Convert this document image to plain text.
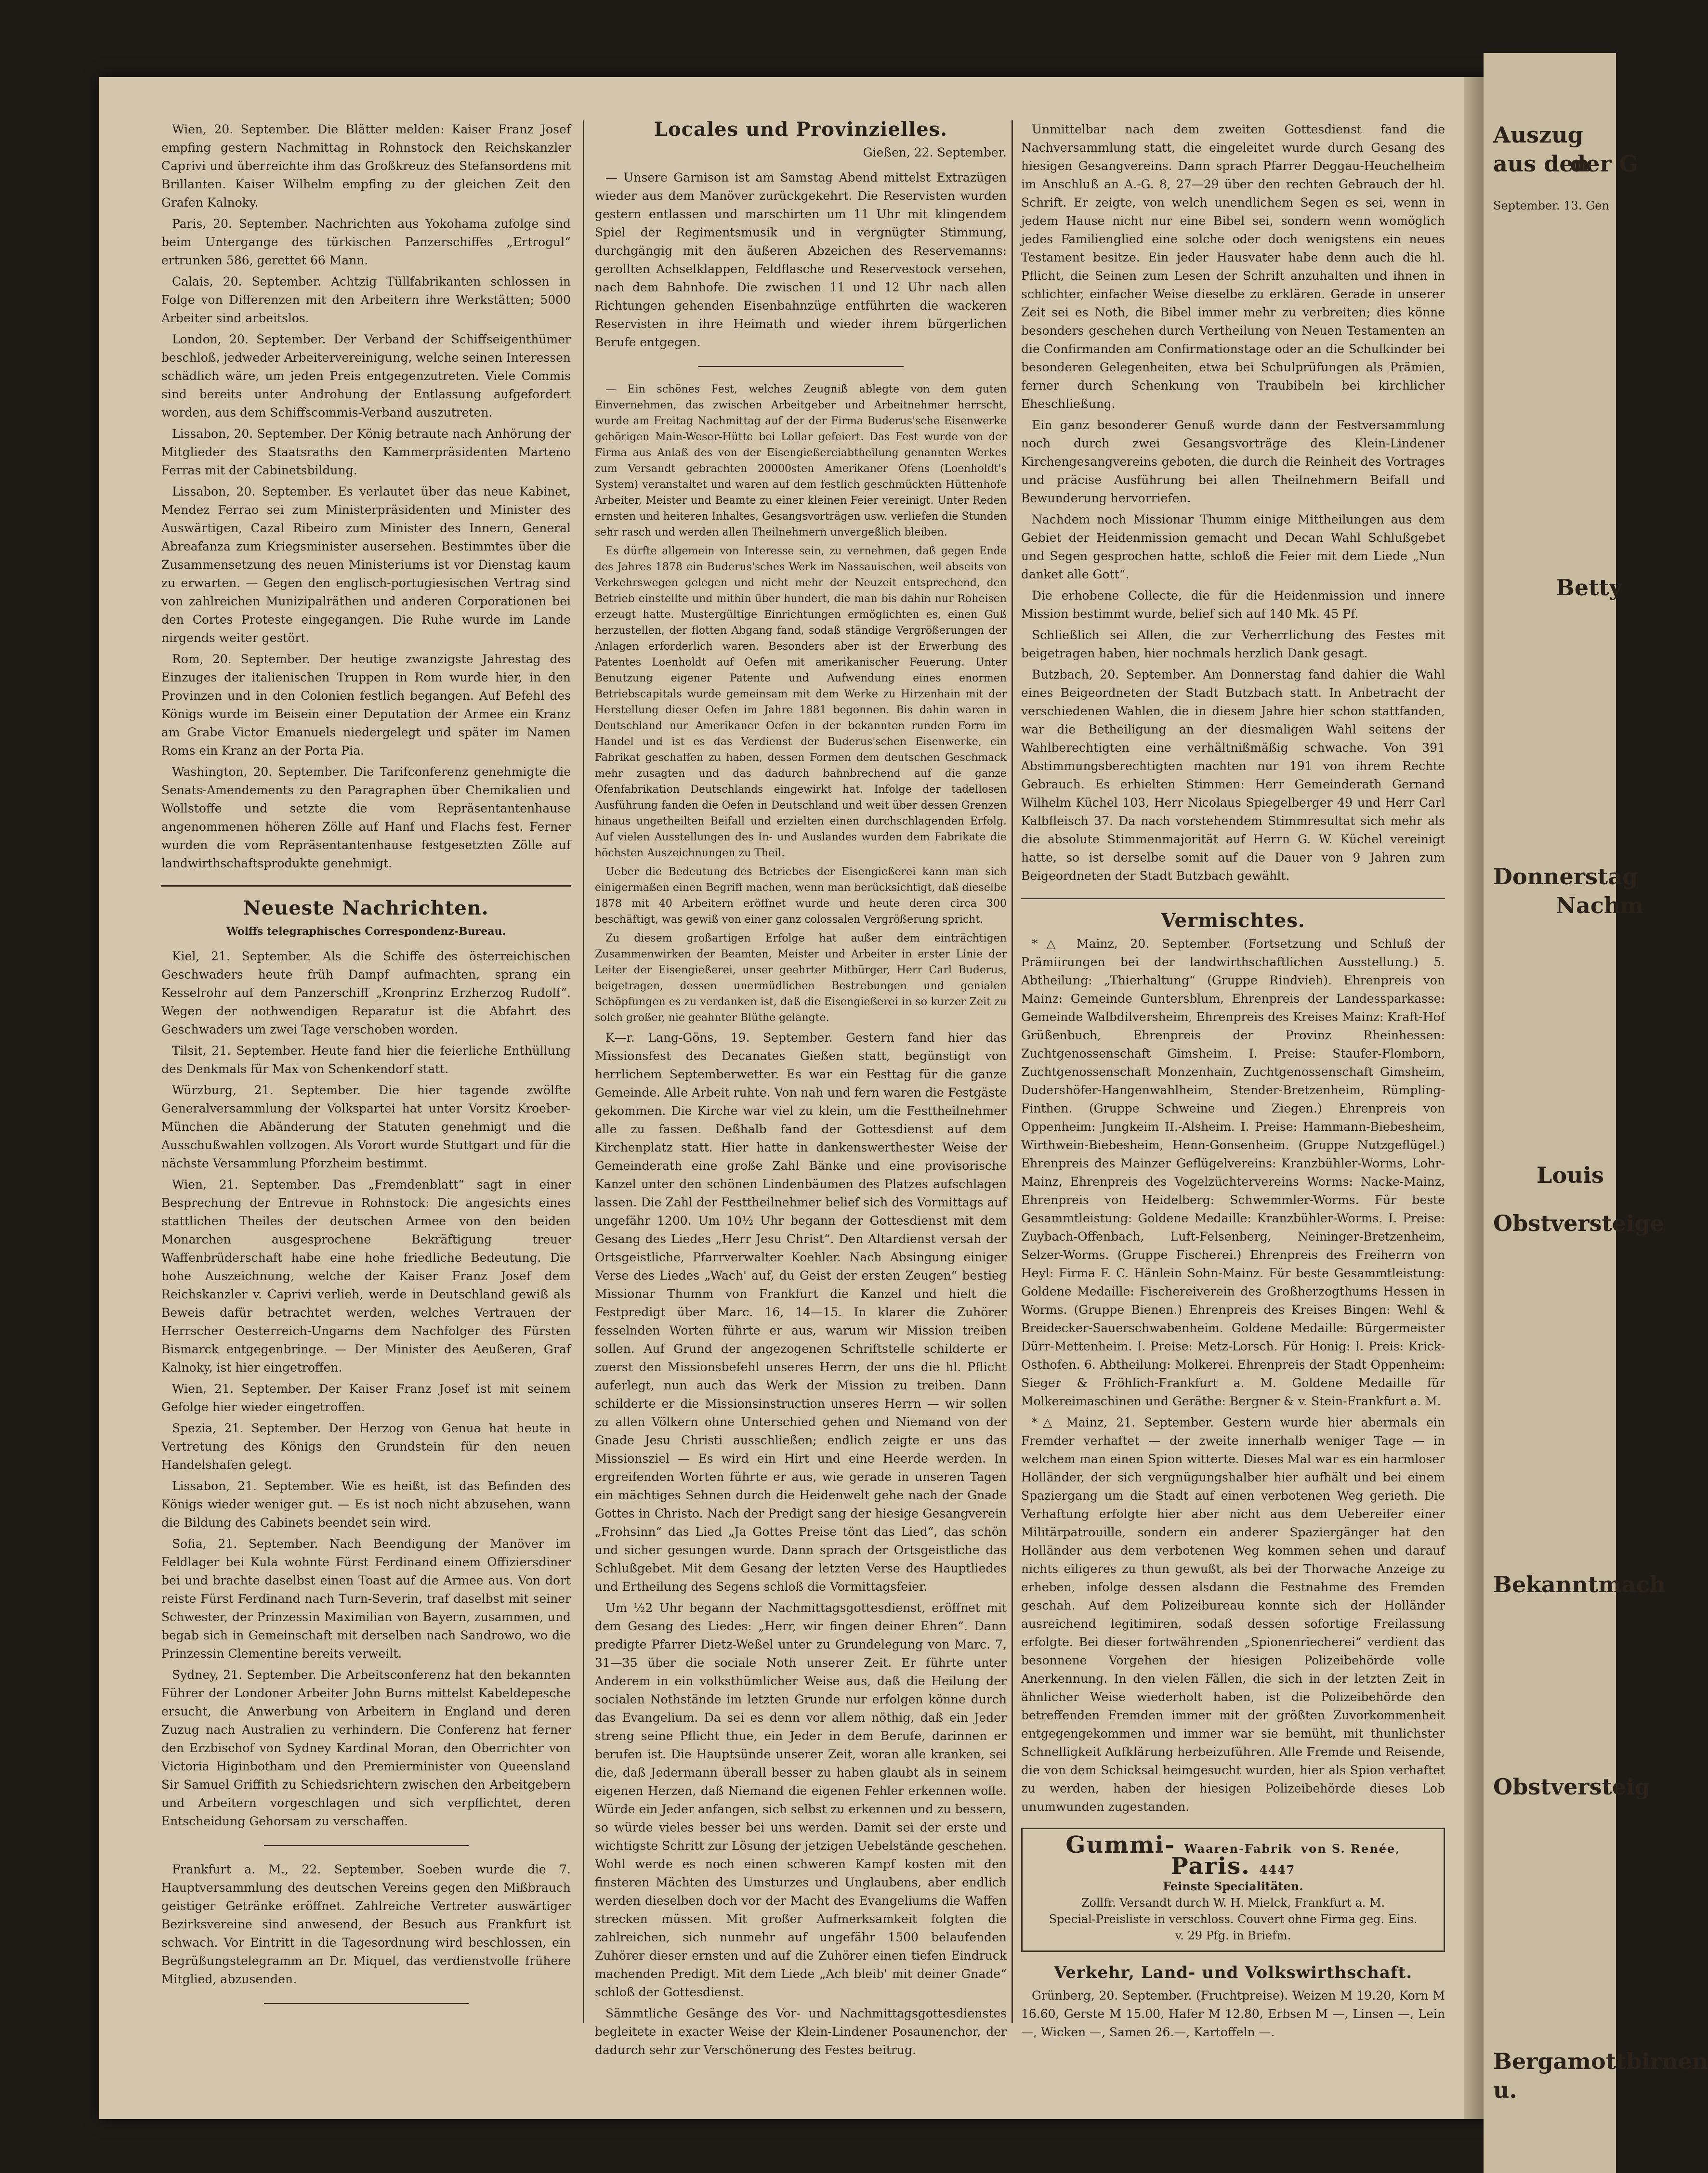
Wien, 20. September. Die Blätter melden: Kaiser Franz Josef empfing gestern Nachmittag in Rohnstock den Reichskanzler Caprivi und überreichte ihm das Großkreuz des Stefansordens mit Brillanten. Kaiser Wilhelm empfing zu der gleichen Zeit den Grafen Kalnoky.

Paris, 20. September. Nachrichten aus Yokohama zufolge sind beim Untergange des türkischen Panzerschiffes „Ertrogul“ ertrunken 586, gerettet 66 Mann.

Calais, 20. September. Achtzig Tüllfabrikanten schlossen in Folge von Differenzen mit den Arbeitern ihre Werkstätten; 5000 Arbeiter sind arbeitslos.

London, 20. September. Der Verband der Schiffseigenthümer beschloß, jedweder Arbeitervereinigung, welche seinen Interessen schädlich wäre, um jeden Preis entgegenzutreten. Viele Commis sind bereits unter Androhung der Entlassung aufgefordert worden, aus dem Schiffscommis-Verband auszutreten.

Lissabon, 20. September. Der König betraute nach Anhörung der Mitglieder des Staatsraths den Kammerpräsidenten Marteno Ferras mit der Cabinetsbildung.

Lissabon, 20. September. Es verlautet über das neue Kabinet, Mendez Ferrao sei zum Ministerpräsidenten und Minister des Auswärtigen, Cazal Ribeiro zum Minister des Innern, General Abreafanza zum Kriegsminister ausersehen. Bestimmtes über die Zusammensetzung des neuen Ministeriums ist vor Dienstag kaum zu erwarten. — Gegen den englisch-portugiesischen Vertrag sind von zahlreichen Munizipalräthen und anderen Corporationen bei den Cortes Proteste eingegangen. Die Ruhe wurde im Lande nirgends weiter gestört.

Rom, 20. September. Der heutige zwanzigste Jahrestag des Einzuges der italienischen Truppen in Rom wurde hier, in den Provinzen und in den Colonien festlich begangen. Auf Befehl des Königs wurde im Beisein einer Deputation der Armee ein Kranz am Grabe Victor Emanuels niedergelegt und später im Namen Roms ein Kranz an der Porta Pia.

Washington, 20. September. Die Tarifconferenz genehmigte die Senats-Amendements zu den Paragraphen über Chemikalien und Wollstoffe und setzte die vom Repräsentantenhause angenommenen höheren Zölle auf Hanf und Flachs fest. Ferner wurden die vom Repräsentantenhause festgesetzten Zölle auf landwirthschaftsprodukte genehmigt.

Neueste Nachrichten.
Wolffs telegraphisches Correspondenz-Bureau.

Kiel, 21. September. Als die Schiffe des österreichischen Geschwaders heute früh Dampf aufmachten, sprang ein Kesselrohr auf dem Panzerschiff „Kronprinz Erzherzog Rudolf“. Wegen der nothwendigen Reparatur ist die Abfahrt des Geschwaders um zwei Tage verschoben worden.

Tilsit, 21. September. Heute fand hier die feierliche Enthüllung des Denkmals für Max von Schenkendorf statt.

Würzburg, 21. September. Die hier tagende zwölfte Generalversammlung der Volkspartei hat unter Vorsitz Kroeber-München die Abänderung der Statuten genehmigt und die Ausschußwahlen vollzogen. Als Vorort wurde Stuttgart und für die nächste Versammlung Pforzheim bestimmt.

Wien, 21. September. Das „Fremdenblatt“ sagt in einer Besprechung der Entrevue in Rohnstock: Die angesichts eines stattlichen Theiles der deutschen Armee von den beiden Monarchen ausgesprochene Bekräftigung treuer Waffenbrüderschaft habe eine hohe friedliche Bedeutung. Die hohe Auszeichnung, welche der Kaiser Franz Josef dem Reichskanzler v. Caprivi verlieh, werde in Deutschland gewiß als Beweis dafür betrachtet werden, welches Vertrauen der Herrscher Oesterreich-Ungarns dem Nachfolger des Fürsten Bismarck entgegenbringe. — Der Minister des Aeußeren, Graf Kalnoky, ist hier eingetroffen.

Wien, 21. September. Der Kaiser Franz Josef ist mit seinem Gefolge hier wieder eingetroffen.

Spezia, 21. September. Der Herzog von Genua hat heute in Vertretung des Königs den Grundstein für den neuen Handelshafen gelegt.

Lissabon, 21. September. Wie es heißt, ist das Befinden des Königs wieder weniger gut. — Es ist noch nicht abzusehen, wann die Bildung des Cabinets beendet sein wird.

Sofia, 21. September. Nach Beendigung der Manöver im Feldlager bei Kula wohnte Fürst Ferdinand einem Offiziersdiner bei und brachte daselbst einen Toast auf die Armee aus. Von dort reiste Fürst Ferdinand nach Turn-Severin, traf daselbst mit seiner Schwester, der Prinzessin Maximilian von Bayern, zusammen, und begab sich in Gemeinschaft mit derselben nach Sandrowo, wo die Prinzessin Clementine bereits verweilt.

Sydney, 21. September. Die Arbeitsconferenz hat den bekannten Führer der Londoner Arbeiter John Burns mittelst Kabeldepesche ersucht, die Anwerbung von Arbeitern in England und deren Zuzug nach Australien zu verhindern. Die Conferenz hat ferner den Erzbischof von Sydney Kardinal Moran, den Oberrichter von Victoria Higinbotham und den Premierminister von Queensland Sir Samuel Griffith zu Schiedsrichtern zwischen den Arbeitgebern und Arbeitern vorgeschlagen und sich verpflichtet, deren Entscheidung Gehorsam zu verschaffen.

Frankfurt a. M., 22. September. Soeben wurde die 7. Hauptversammlung des deutschen Vereins gegen den Mißbrauch geistiger Getränke eröffnet. Zahlreiche Vertreter auswärtiger Bezirksvereine sind anwesend, der Besuch aus Frankfurt ist schwach. Vor Eintritt in die Tagesordnung wird beschlossen, ein Begrüßungstelegramm an Dr. Miquel, das verdienstvolle frühere Mitglied, abzusenden.

Locales und Provinzielles.
Gießen, 22. September.

— Unsere Garnison ist am Samstag Abend mittelst Extrazügen wieder aus dem Manöver zurückgekehrt. Die Reservisten wurden gestern entlassen und marschirten um 11 Uhr mit klingendem Spiel der Regimentsmusik und in vergnügter Stimmung, durchgängig mit den äußeren Abzeichen des Reservemanns: gerollten Achselklappen, Feldflasche und Reservestock versehen, nach dem Bahnhofe. Die zwischen 11 und 12 Uhr nach allen Richtungen gehenden Eisenbahnzüge entführten die wackeren Reservisten in ihre Heimath und wieder ihrem bürgerlichen Berufe entgegen.

— Ein schönes Fest, welches Zeugniß ablegte von dem guten Einvernehmen, das zwischen Arbeitgeber und Arbeitnehmer herrscht, wurde am Freitag Nachmittag auf der der Firma Buderus'sche Eisenwerke gehörigen Main-Weser-Hütte bei Lollar gefeiert. Das Fest wurde von der Firma aus Anlaß des von der Eisengießereiabtheilung genannten Werkes zum Versandt gebrachten 20000sten Amerikaner Ofens (Loenholdt's System) veranstaltet und waren auf dem festlich geschmückten Hüttenhofe Arbeiter, Meister und Beamte zu einer kleinen Feier vereinigt. Unter Reden ernsten und heiteren Inhaltes, Gesangsvorträgen usw. verliefen die Stunden sehr rasch und werden allen Theilnehmern unvergeßlich bleiben.

Es dürfte allgemein von Interesse sein, zu vernehmen, daß gegen Ende des Jahres 1878 ein Buderus'sches Werk im Nassauischen, weil abseits von Verkehrswegen gelegen und nicht mehr der Neuzeit entsprechend, den Betrieb einstellte und mithin über hundert, die man bis dahin nur Roheisen erzeugt hatte. Mustergültige Einrichtungen ermöglichten es, einen Guß herzustellen, der flotten Abgang fand, sodaß ständige Vergrößerungen der Anlagen erforderlich waren. Besonders aber ist der Erwerbung des Patentes Loenholdt auf Oefen mit amerikanischer Feuerung. Unter Benutzung eigener Patente und Aufwendung eines enormen Betriebscapitals wurde gemeinsam mit dem Werke zu Hirzenhain mit der Herstellung dieser Oefen im Jahre 1881 begonnen. Bis dahin waren in Deutschland nur Amerikaner Oefen in der bekannten runden Form im Handel und ist es das Verdienst der Buderus'schen Eisenwerke, ein Fabrikat geschaffen zu haben, dessen Formen dem deutschen Geschmack mehr zusagten und das dadurch bahnbrechend auf die ganze Ofenfabrikation Deutschlands eingewirkt hat. Infolge der tadellosen Ausführung fanden die Oefen in Deutschland und weit über dessen Grenzen hinaus ungetheilten Beifall und erzielten einen durchschlagenden Erfolg. Auf vielen Ausstellungen des In- und Auslandes wurden dem Fabrikate die höchsten Auszeichnungen zu Theil.

Ueber die Bedeutung des Betriebes der Eisengießerei kann man sich einigermaßen einen Begriff machen, wenn man berücksichtigt, daß dieselbe 1878 mit 40 Arbeitern eröffnet wurde und heute deren circa 300 beschäftigt, was gewiß von einer ganz colossalen Vergrößerung spricht.

Zu diesem großartigen Erfolge hat außer dem einträchtigen Zusammenwirken der Beamten, Meister und Arbeiter in erster Linie der Leiter der Eisengießerei, unser geehrter Mitbürger, Herr Carl Buderus, beigetragen, dessen unermüdlichen Bestrebungen und genialen Schöpfungen es zu verdanken ist, daß die Eisengießerei in so kurzer Zeit zu solch großer, nie geahnter Blüthe gelangte.

K—r. Lang-Göns, 19. September. Gestern fand hier das Missionsfest des Decanates Gießen statt, begünstigt von herrlichem Septemberwetter. Es war ein Festtag für die ganze Gemeinde. Alle Arbeit ruhte. Von nah und fern waren die Festgäste gekommen. Die Kirche war viel zu klein, um die Festtheilnehmer alle zu fassen. Deßhalb fand der Gottesdienst auf dem Kirchenplatz statt. Hier hatte in dankenswerthester Weise der Gemeinderath eine große Zahl Bänke und eine provisorische Kanzel unter den schönen Lindenbäumen des Platzes aufschlagen lassen. Die Zahl der Festtheilnehmer belief sich des Vormittags auf ungefähr 1200. Um 10½ Uhr begann der Gottesdienst mit dem Gesang des Liedes „Herr Jesu Christ“. Den Altardienst versah der Ortsgeistliche, Pfarrverwalter Koehler. Nach Absingung einiger Verse des Liedes „Wach' auf, du Geist der ersten Zeugen“ bestieg Missionar Thumm von Frankfurt die Kanzel und hielt die Festpredigt über Marc. 16, 14—15. In klarer die Zuhörer fesselnden Worten führte er aus, warum wir Mission treiben sollen. Auf Grund der angezogenen Schriftstelle schilderte er zuerst den Missionsbefehl unseres Herrn, der uns die hl. Pflicht auferlegt, nun auch das Werk der Mission zu treiben. Dann schilderte er die Missionsinstruction unseres Herrn — wir sollen zu allen Völkern ohne Unterschied gehen und Niemand von der Gnade Jesu Christi ausschließen; endlich zeigte er uns das Missionsziel — Es wird ein Hirt und eine Heerde werden. In ergreifenden Worten führte er aus, wie gerade in unseren Tagen ein mächtiges Sehnen durch die Heidenwelt gehe nach der Gnade Gottes in Christo. Nach der Predigt sang der hiesige Gesangverein „Frohsinn“ das Lied „Ja Gottes Preise tönt das Lied“, das schön und sicher gesungen wurde. Dann sprach der Ortsgeistliche das Schlußgebet. Mit dem Gesang der letzten Verse des Hauptliedes und Ertheilung des Segens schloß die Vormittagsfeier.

Um ½2 Uhr begann der Nachmittagsgottesdienst, eröffnet mit dem Gesang des Liedes: „Herr, wir fingen deiner Ehren“. Dann predigte Pfarrer Dietz-Weßel unter zu Grundelegung von Marc. 7, 31—35 über die sociale Noth unserer Zeit. Er führte unter Anderem in ein volksthümlicher Weise aus, daß die Heilung der socialen Nothstände im letzten Grunde nur erfolgen könne durch das Evangelium. Da sei es denn vor allem nöthig, daß ein Jeder streng seine Pflicht thue, ein Jeder in dem Berufe, darinnen er berufen ist. Die Hauptsünde unserer Zeit, woran alle kranken, sei die, daß Jedermann überall besser zu haben glaubt als in seinem eigenen Herzen, daß Niemand die eigenen Fehler erkennen wolle. Würde ein Jeder anfangen, sich selbst zu erkennen und zu bessern, so würde vieles besser bei uns werden. Damit sei der erste und wichtigste Schritt zur Lösung der jetzigen Uebelstände geschehen. Wohl werde es noch einen schweren Kampf kosten mit den finsteren Mächten des Umsturzes und Unglaubens, aber endlich werden dieselben doch vor der Macht des Evangeliums die Waffen strecken müssen. Mit großer Aufmerksamkeit folgten die zahlreichen, sich nunmehr auf ungefähr 1500 belaufenden Zuhörer dieser ernsten und auf die Zuhörer einen tiefen Eindruck machenden Predigt. Mit dem Liede „Ach bleib' mit deiner Gnade“ schloß der Gottesdienst.

Sämmtliche Gesänge des Vor- und Nachmittagsgottesdienstes begleitete in exacter Weise der Klein-Lindener Posaunenchor, der dadurch sehr zur Verschönerung des Festes beitrug.

Unmittelbar nach dem zweiten Gottesdienst fand die Nachversammlung statt, die eingeleitet wurde durch Gesang des hiesigen Gesangvereins. Dann sprach Pfarrer Deggau-Heuchelheim im Anschluß an A.-G. 8, 27—29 über den rechten Gebrauch der hl. Schrift. Er zeigte, von welch unendlichem Segen es sei, wenn in jedem Hause nicht nur eine Bibel sei, sondern wenn womöglich jedes Familienglied eine solche oder doch wenigstens ein neues Testament besitze. Ein jeder Hausvater habe denn auch die hl. Pflicht, die Seinen zum Lesen der Schrift anzuhalten und ihnen in schlichter, einfacher Weise dieselbe zu erklären. Gerade in unserer Zeit sei es Noth, die Bibel immer mehr zu verbreiten; dies könne besonders geschehen durch Vertheilung von Neuen Testamenten an die Confirmanden am Confirmationstage oder an die Schulkinder bei besonderen Gelegenheiten, etwa bei Schulprüfungen als Prämien, ferner durch Schenkung von Traubibeln bei kirchlicher Eheschließung.

Ein ganz besonderer Genuß wurde dann der Festversammlung noch durch zwei Gesangsvorträge des Klein-Lindener Kirchengesangvereins geboten, die durch die Reinheit des Vortrages und präcise Ausführung bei allen Theilnehmern Beifall und Bewunderung hervorriefen.

Nachdem noch Missionar Thumm einige Mittheilungen aus dem Gebiet der Heidenmission gemacht und Decan Wahl Schlußgebet und Segen gesprochen hatte, schloß die Feier mit dem Liede „Nun danket alle Gott“.

Die erhobene Collecte, die für die Heidenmission und innere Mission bestimmt wurde, belief sich auf 140 Mk. 45 Pf.

Schließlich sei Allen, die zur Verherrlichung des Festes mit beigetragen haben, hier nochmals herzlich Dank gesagt.

Butzbach, 20. September. Am Donnerstag fand dahier die Wahl eines Beigeordneten der Stadt Butzbach statt. In Anbetracht der verschiedenen Wahlen, die in diesem Jahre hier schon stattfanden, war die Betheiligung an der diesmaligen Wahl seitens der Wahlberechtigten eine verhältnißmäßig schwache. Von 391 Abstimmungsberechtigten machten nur 191 von ihrem Rechte Gebrauch. Es erhielten Stimmen: Herr Gemeinderath Gernand Wilhelm Küchel 103, Herr Nicolaus Spiegelberger 49 und Herr Carl Kalbfleisch 37. Da nach vorstehendem Stimmresultat sich mehr als die absolute Stimmenmajorität auf Herrn G. W. Küchel vereinigt hatte, so ist derselbe somit auf die Dauer von 9 Jahren zum Beigeordneten der Stadt Butzbach gewählt.

Vermischtes.

*△ Mainz, 20. September. (Fortsetzung und Schluß der Prämiirungen bei der landwirthschaftlichen Ausstellung.) 5. Abtheilung: „Thierhaltung“ (Gruppe Rindvieh). Ehrenpreis von Mainz: Gemeinde Guntersblum, Ehrenpreis der Landessparkasse: Gemeinde Walbdilversheim, Ehrenpreis des Kreises Mainz: Kraft-Hof Grüßenbuch, Ehrenpreis der Provinz Rheinhessen: Zuchtgenossenschaft Gimsheim. I. Preise: Staufer-Flomborn, Zuchtgenossenschaft Monzenhain, Zuchtgenossenschaft Gimsheim, Dudershöfer-Hangenwahlheim, Stender-Bretzenheim, Rümpling-Finthen. (Gruppe Schweine und Ziegen.) Ehrenpreis von Oppenheim: Jungkeim II.-Alsheim. I. Preise: Hammann-Biebesheim, Wirthwein-Biebesheim, Henn-Gonsenheim. (Gruppe Nutzgeflügel.) Ehrenpreis des Mainzer Geflügelvereins: Kranzbühler-Worms, Lohr-Mainz, Ehrenpreis des Vogelzüchtervereins Worms: Nacke-Mainz, Ehrenpreis von Heidelberg: Schwemmler-Worms. Für beste Gesammtleistung: Goldene Medaille: Kranzbühler-Worms. I. Preise: Zuybach-Offenbach, Luft-Felsenberg, Neininger-Bretzenheim, Selzer-Worms. (Gruppe Fischerei.) Ehrenpreis des Freiherrn von Heyl: Firma F. C. Hänlein Sohn-Mainz. Für beste Gesammtleistung: Goldene Medaille: Fischereiverein des Großherzogthums Hessen in Worms. (Gruppe Bienen.) Ehrenpreis des Kreises Bingen: Wehl & Breidecker-Sauerschwabenheim. Goldene Medaille: Bürgermeister Dürr-Mettenheim. I. Preise: Metz-Lorsch. Für Honig: I. Preis: Krick-Osthofen. 6. Abtheilung: Molkerei. Ehrenpreis der Stadt Oppenheim: Sieger & Fröhlich-Frankfurt a. M. Goldene Medaille für Molkereimaschinen und Geräthe: Bergner & v. Stein-Frankfurt a. M.

*△ Mainz, 21. September. Gestern wurde hier abermals ein Fremder verhaftet — der zweite innerhalb weniger Tage — in welchem man einen Spion witterte. Dieses Mal war es ein harmloser Holländer, der sich vergnügungshalber hier aufhält und bei einem Spaziergang um die Stadt auf einen verbotenen Weg gerieth. Die Verhaftung erfolgte hier aber nicht aus dem Uebereifer einer Militärpatrouille, sondern ein anderer Spaziergänger hat den Holländer aus dem verbotenen Weg kommen sehen und darauf nichts eiligeres zu thun gewußt, als bei der Thorwache Anzeige zu erheben, infolge dessen alsdann die Festnahme des Fremden geschah. Auf dem Polizeibureau konnte sich der Holländer ausreichend legitimiren, sodaß dessen sofortige Freilassung erfolgte. Bei dieser fortwährenden „Spionenriecherei“ verdient das besonnene Vorgehen der hiesigen Polizeibehörde volle Anerkennung. In den vielen Fällen, die sich in der letzten Zeit in ähnlicher Weise wiederholt haben, ist die Polizeibehörde den betreffenden Fremden immer mit der größten Zuvorkommenheit entgegengekommen und immer war sie bemüht, mit thunlichster Schnelligkeit Aufklärung herbeizuführen. Alle Fremde und Reisende, die von dem Schicksal heimgesucht wurden, hier als Spion verhaftet zu werden, haben der hiesigen Polizeibehörde dieses Lob unumwunden zugestanden.

Gummi- Waaren-Fabrik von S. Renée, Paris. 4447
Feinste Specialitäten.
Zollfr. Versandt durch W. H. Mielck, Frankfurt a. M.
Special-Preisliste in verschloss. Couvert ohne Firma geg. Eins.
v. 29 Pfg. in Briefm.
Verkehr, Land- und Volkswirthschaft.

Grünberg, 20. September. (Fruchtpreise). Weizen M 19.20, Korn M 16.60, Gerste M 15.00, Hafer M 12.80, Erbsen M —, Linsen —, Lein —, Wicken —, Samen 26.—, Kartoffeln —.

Auszug aus den
der G
September. 13. Gen
Betty
Donnerstag
Nachm
Louis
Obstversteige
Bekanntmach
Obstversteig
Bergamottbirnen u.
